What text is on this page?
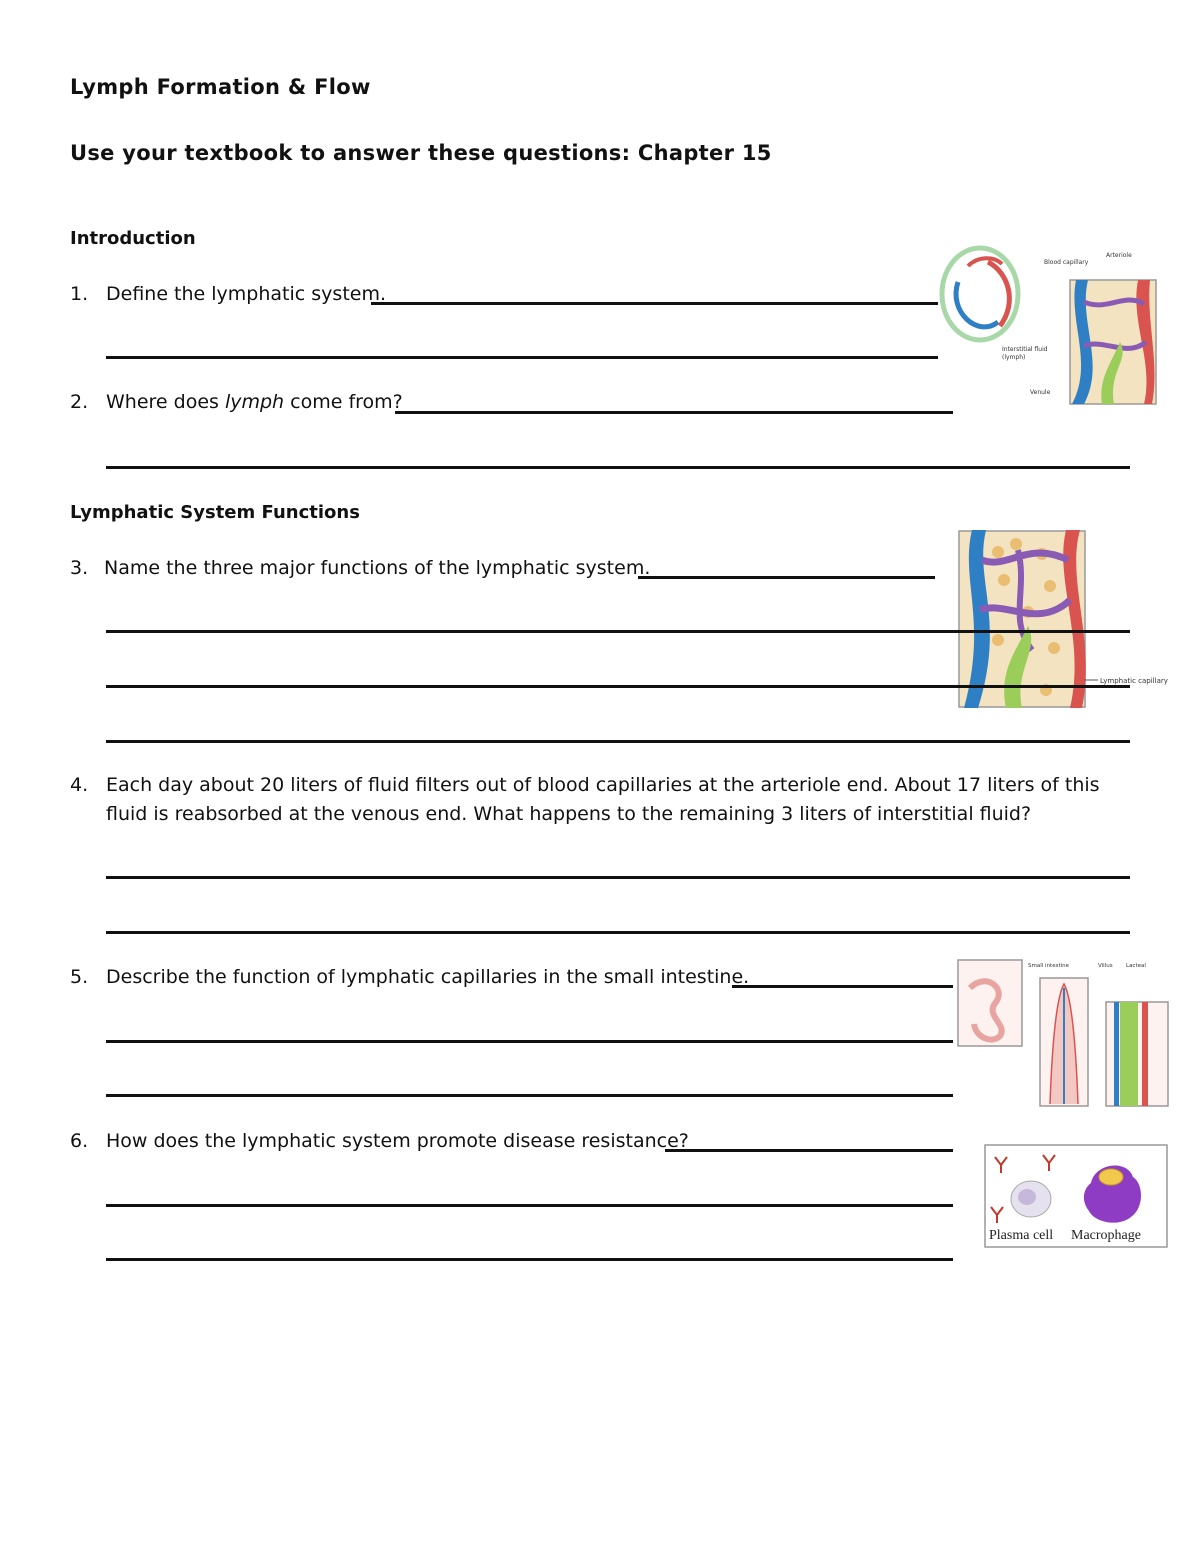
Lymph Formation & Flow
Use your textbook to answer these questions: Chapter 15
Introduction
1. Define the lymphatic system.
2. Where does lymph come from?
Lymphatic System Functions
3. Name the three major functions of the lymphatic system.
Lymphatic capillary
4. Each day about 20 liters of fluid filters out of blood capillaries at the arteriole end. About 17 liters of this
fluid is reabsorbed at the venous end. What happens to the remaining 3 liters of interstitial fluid?
5. Describe the function of lymphatic capillaries in the small intestine.
6. How does the lymphatic system promote disease resistance?
Blood capillary
Arteriole
Interstitial fluid
(lymph)
Venule
Small intestine	Villus Lacteal
Plasma cell Macrophage
